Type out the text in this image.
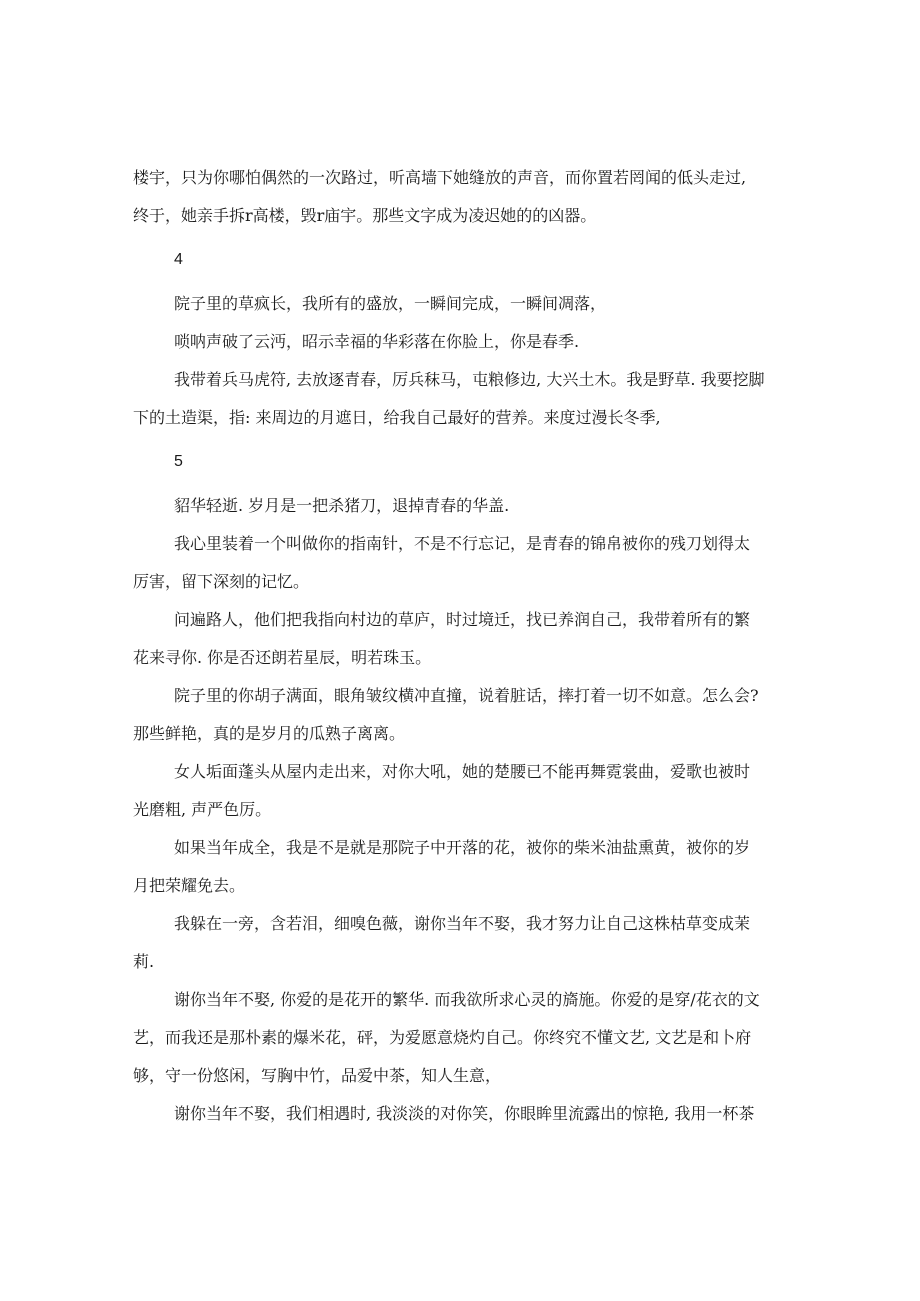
楼宇，只为你哪怕偶然的一次路过，听高墙下她缝放的声音，而你置若罔闻的低头走过,
终于，她亲手拆r高楼，毁r庙宇。那些文字成为凌迟她的的凶器。
4
院子里的草疯长，我所有的盛放，一瞬间完成，一瞬间凋落，
唢呐声破了云沔，昭示幸福的华彩落在你脸上，你是春季.
我带着兵马虎符, 去放逐青春，厉兵秣马，屯粮修边, 大兴土木。我是野草. 我要挖脚
下的土造渠，指: 来周边的月遮日，给我自己最好的营养。来度过漫长冬季,
5
貂华轻逝. 岁月是一把杀猪刀，退掉青春的华盖.
我心里装着一个叫做你的指南针，不是不行忘记，是青春的锦帛被你的残刀划得太
厉害，留下深刻的记忆。
问遍路人，他们把我指向村边的草庐，时过境迁，找已养润自己，我带着所有的繁
花来寻你. 你是否还朗若星辰，明若珠玉。
院子里的你胡子满面，眼角皱纹横冲直撞，说着脏话，摔打着一切不如意。怎么会?
那些鲜艳，真的是岁月的瓜熟子离离。
女人垢面蓬头从屋内走出来，对你大吼，她的楚腰已不能再舞霓裳曲，爱歌也被时
光磨粗, 声严色厉。
如果当年成全，我是不是就是那院子中开落的花，被你的柴米油盐熏黄，被你的岁
月把荣耀免去。
我躲在一旁，含若泪，细嗅色薇，谢你当年不娶，我才努力让自己这株枯草变成茉
莉.
谢你当年不娶, 你爱的是花开的繁华. 而我欲所求心灵的旖施。你爱的是穿/花衣的文
艺，而我还是那朴素的爆米花，砰，为爱愿意烧灼自己。你终究不懂文艺, 文艺是和卜府
够，守一份悠闲，写胸中竹，品爱中茶，知人生意，
谢你当年不娶，我们相遇时, 我淡淡的对你笑，你眼眸里流露出的惊艳, 我用一杯茶
